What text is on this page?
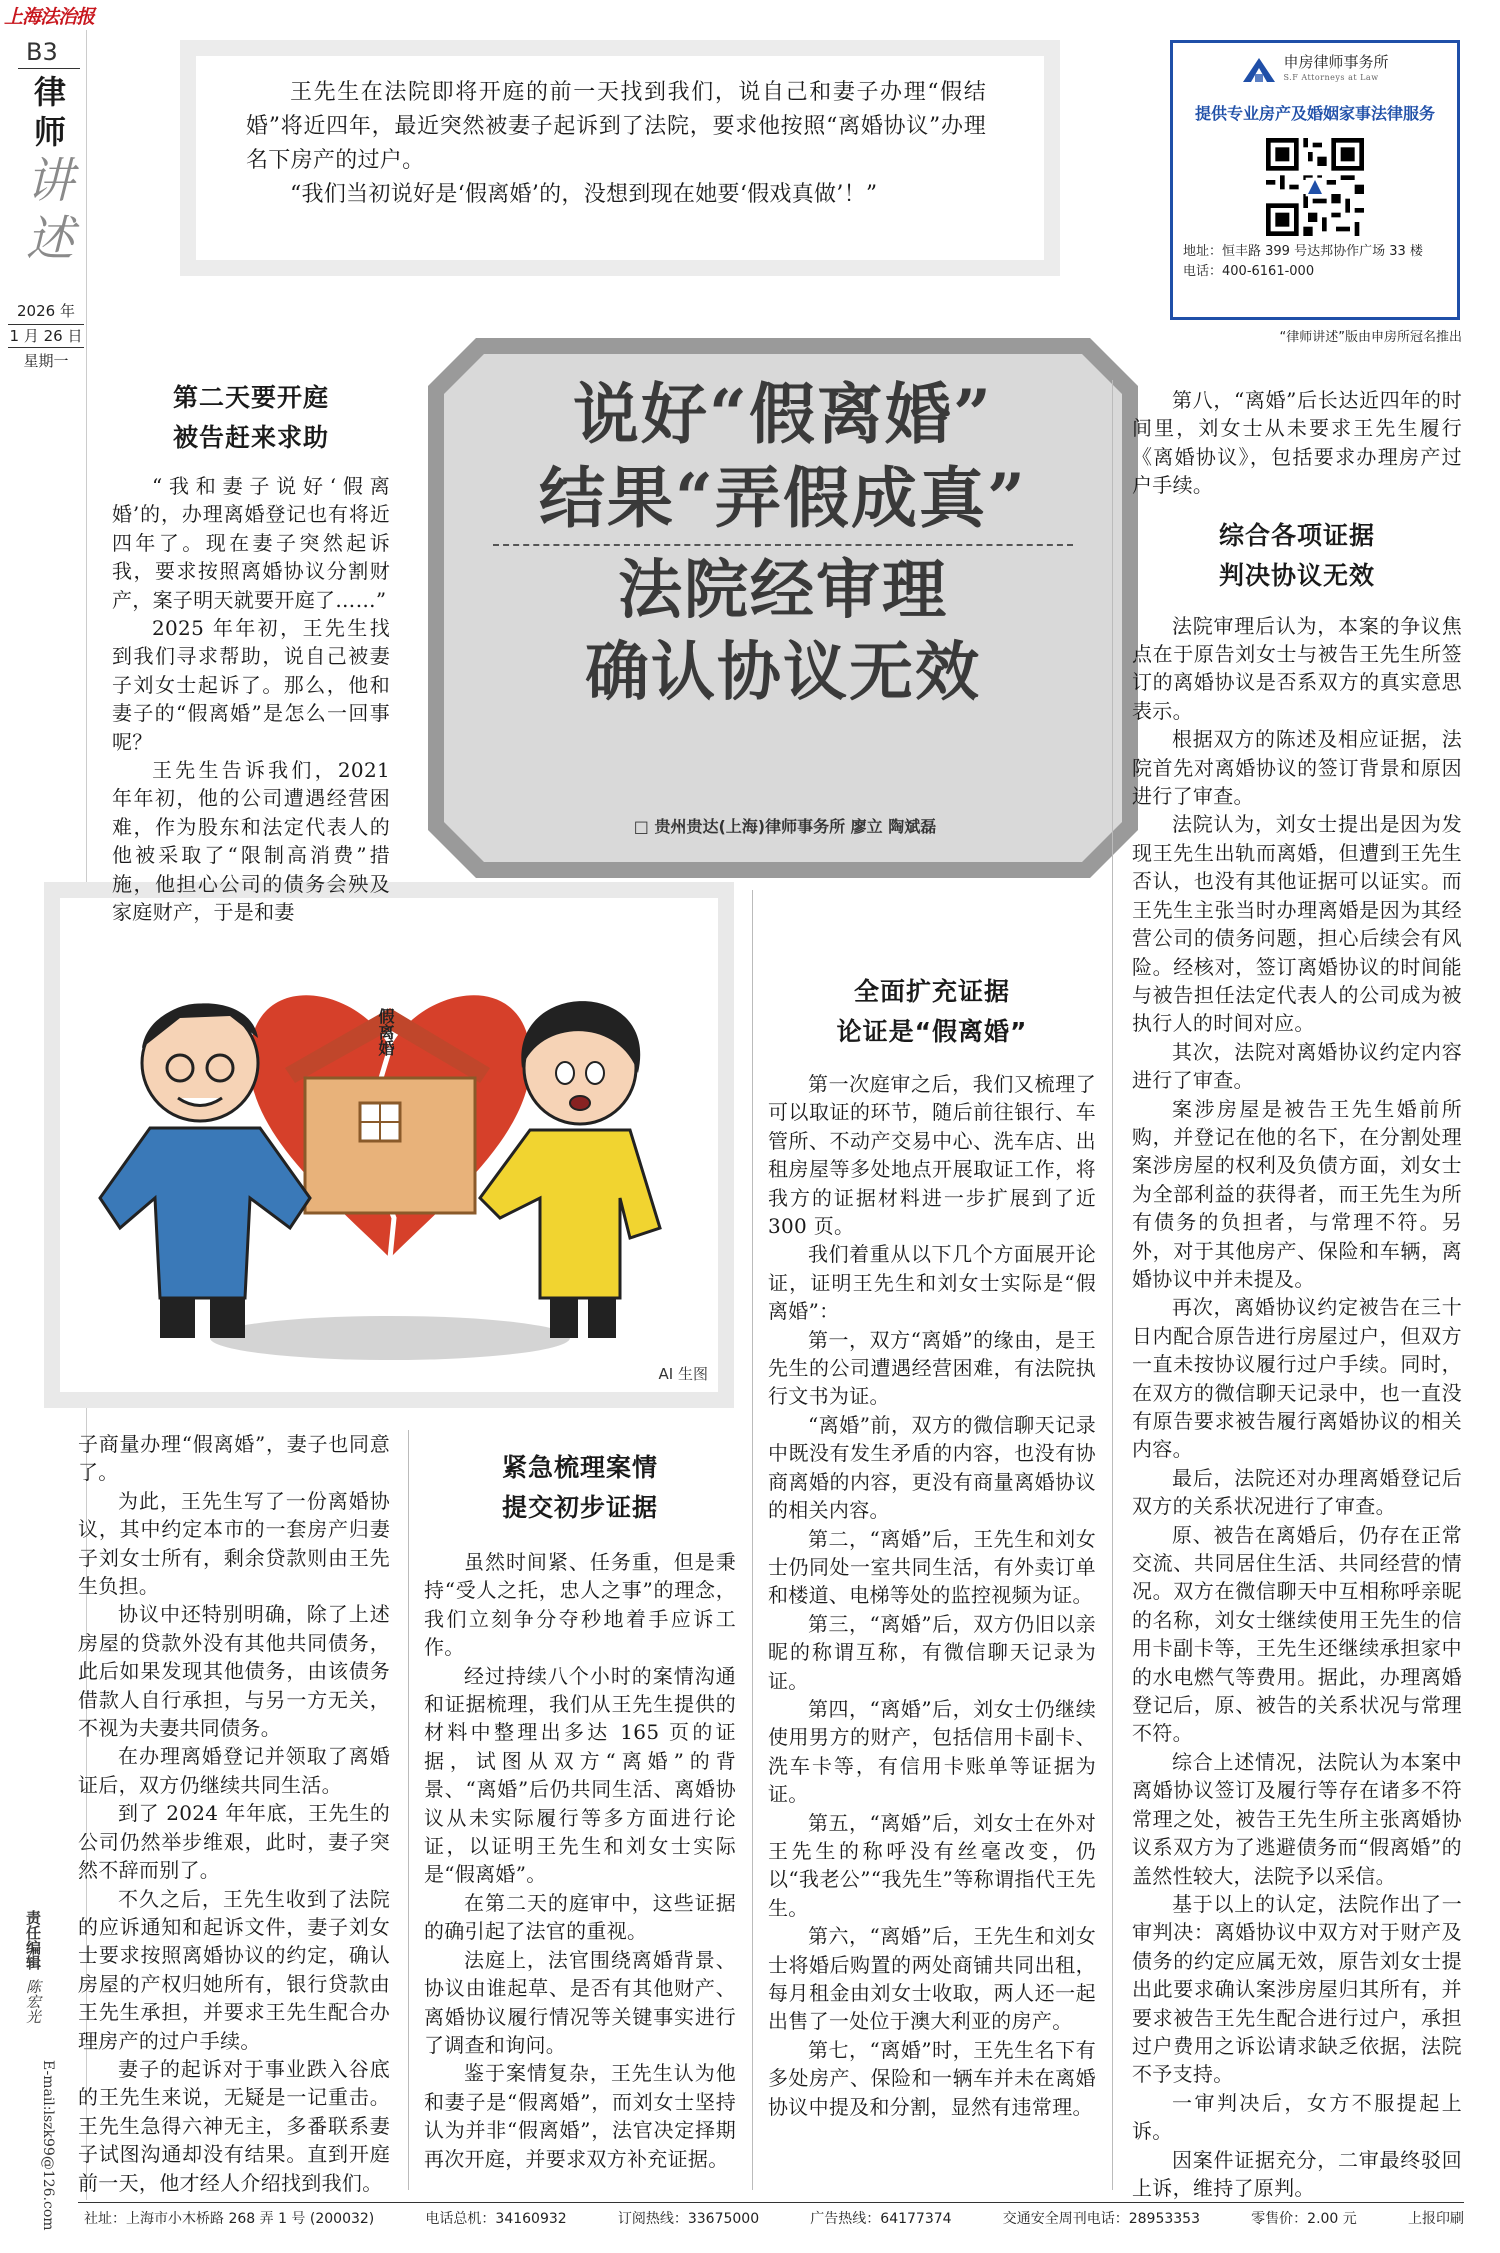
上海法治报
B3
律
师
讲
述
2026 年
1 月 26 日
星期一
责任编辑 陈宏光
E-mail:lszk99@126.com

王先生在法院即将开庭的前一天找到我们，说自己和妻子办理“假结婚”将近四年，最近突然被妻子起诉到了法院，要求他按照“离婚协议”办理名下房产的过户。

“我们当初说好是‘假离婚’的，没想到现在她要‘假戏真做’！”

申房律师事务所
S.F Attorneys at Law
提供专业房产及婚姻家事法律服务
地址：恒丰路 399 号达邦协作广场 33 楼
电话：400-6161-000
“律师讲述”版由申房所冠名推出
说好“假离婚”
结果“弄假成真”
法院经审理
确认协议无效
□ 贵州贵达(上海)律师事务所 廖立 陶斌磊
假离婚
AI 生图
第二天要开庭
被告赶来求助

“我和妻子说好‘假离婚’的，办理离婚登记也有将近四年了。现在妻子突然起诉我，要求按照离婚协议分割财产，案子明天就要开庭了……”

2025 年年初，王先生找到我们寻求帮助，说自己被妻子刘女士起诉了。那么，他和妻子的“假离婚”是怎么一回事呢？

王先生告诉我们，2021 年年初，他的公司遭遇经营困难，作为股东和法定代表人的他被采取了“限制高消费”措施，他担心公司的债务会殃及家庭财产，于是和妻

子商量办理“假离婚”，妻子也同意了。

为此，王先生写了一份离婚协议，其中约定本市的一套房产归妻子刘女士所有，剩余贷款则由王先生负担。

协议中还特别明确，除了上述房屋的贷款外没有其他共同债务，此后如果发现其他债务，由该债务借款人自行承担，与另一方无关，不视为夫妻共同债务。

在办理离婚登记并领取了离婚证后，双方仍继续共同生活。

到了 2024 年年底，王先生的公司仍然举步维艰，此时，妻子突然不辞而别了。

不久之后，王先生收到了法院的应诉通知和起诉文件，妻子刘女士要求按照离婚协议的约定，确认房屋的产权归她所有，银行贷款由王先生承担，并要求王先生配合办理房产的过户手续。

妻子的起诉对于事业跌入谷底的王先生来说，无疑是一记重击。王先生急得六神无主，多番联系妻子试图沟通却没有结果。直到开庭前一天，他才经人介绍找到我们。

紧急梳理案情
提交初步证据

虽然时间紧、任务重，但是秉持“受人之托，忠人之事”的理念，我们立刻争分夺秒地着手应诉工作。

经过持续八个小时的案情沟通和证据梳理，我们从王先生提供的材料中整理出多达 165 页的证据，试图从双方“离婚”的背景、“离婚”后仍共同生活、离婚协议从未实际履行等多方面进行论证，以证明王先生和刘女士实际是“假离婚”。

在第二天的庭审中，这些证据的确引起了法官的重视。

法庭上，法官围绕离婚背景、协议由谁起草、是否有其他财产、离婚协议履行情况等关键事实进行了调查和询问。

鉴于案情复杂，王先生认为他和妻子是“假离婚”，而刘女士坚持认为并非“假离婚”，法官决定择期再次开庭，并要求双方补充证据。

全面扩充证据
论证是“假离婚”

第一次庭审之后，我们又梳理了可以取证的环节，随后前往银行、车管所、不动产交易中心、洗车店、出租房屋等多处地点开展取证工作，将我方的证据材料进一步扩展到了近 300 页。

我们着重从以下几个方面展开论证，证明王先生和刘女士实际是“假离婚”：

第一，双方“离婚”的缘由，是王先生的公司遭遇经营困难，有法院执行文书为证。

“离婚”前，双方的微信聊天记录中既没有发生矛盾的内容，也没有协商离婚的内容，更没有商量离婚协议的相关内容。

第二，“离婚”后，王先生和刘女士仍同处一室共同生活，有外卖订单和楼道、电梯等处的监控视频为证。

第三，“离婚”后，双方仍旧以亲昵的称谓互称，有微信聊天记录为证。

第四，“离婚”后，刘女士仍继续使用男方的财产，包括信用卡副卡、洗车卡等，有信用卡账单等证据为证。

第五，“离婚”后，刘女士在外对王先生的称呼没有丝毫改变，仍以“我老公”“我先生”等称谓指代王先生。

第六，“离婚”后，王先生和刘女士将婚后购置的两处商铺共同出租，每月租金由刘女士收取，两人还一起出售了一处位于澳大利亚的房产。

第七，“离婚”时，王先生名下有多处房产、保险和一辆车并未在离婚协议中提及和分割，显然有违常理。

第八，“离婚”后长达近四年的时间里，刘女士从未要求王先生履行《离婚协议》，包括要求办理房产过户手续。

综合各项证据
判决协议无效

法院审理后认为，本案的争议焦点在于原告刘女士与被告王先生所签订的离婚协议是否系双方的真实意思表示。

根据双方的陈述及相应证据，法院首先对离婚协议的签订背景和原因进行了审查。

法院认为，刘女士提出是因为发现王先生出轨而离婚，但遭到王先生否认，也没有其他证据可以证实。而王先生主张当时办理离婚是因为其经营公司的债务问题，担心后续会有风险。经核对，签订离婚协议的时间能与被告担任法定代表人的公司成为被执行人的时间对应。

其次，法院对离婚协议约定内容进行了审查。

案涉房屋是被告王先生婚前所购，并登记在他的名下，在分割处理案涉房屋的权利及负债方面，刘女士为全部利益的获得者，而王先生为所有债务的负担者，与常理不符。另外，对于其他房产、保险和车辆，离婚协议中并未提及。

再次，离婚协议约定被告在三十日内配合原告进行房屋过户，但双方一直未按协议履行过户手续。同时，在双方的微信聊天记录中，也一直没有原告要求被告履行离婚协议的相关内容。

最后，法院还对办理离婚登记后双方的关系状况进行了审查。

原、被告在离婚后，仍存在正常交流、共同居住生活、共同经营的情况。双方在微信聊天中互相称呼亲昵的名称，刘女士继续使用王先生的信用卡副卡等，王先生还继续承担家中的水电燃气等费用。据此，办理离婚登记后，原、被告的关系状况与常理不符。

综合上述情况，法院认为本案中离婚协议签订及履行等存在诸多不符常理之处，被告王先生所主张离婚协议系双方为了逃避债务而“假离婚”的盖然性较大，法院予以采信。

基于以上的认定，法院作出了一审判决：离婚协议中双方对于财产及债务的约定应属无效，原告刘女士提出此要求确认案涉房屋归其所有，并要求被告王先生配合进行过户，承担过户费用之诉讼请求缺乏依据，法院不予支持。

一审判决后，女方不服提起上诉。

因案件证据充分，二审最终驳回上诉，维持了原判。

社址：上海市小木桥路 268 弄 1 号 (200032)	电话总机：34160932	订阅热线：33675000	广告热线：64177374	交通安全周刊电话：28953353	零售价：2.00 元	上报印刷
